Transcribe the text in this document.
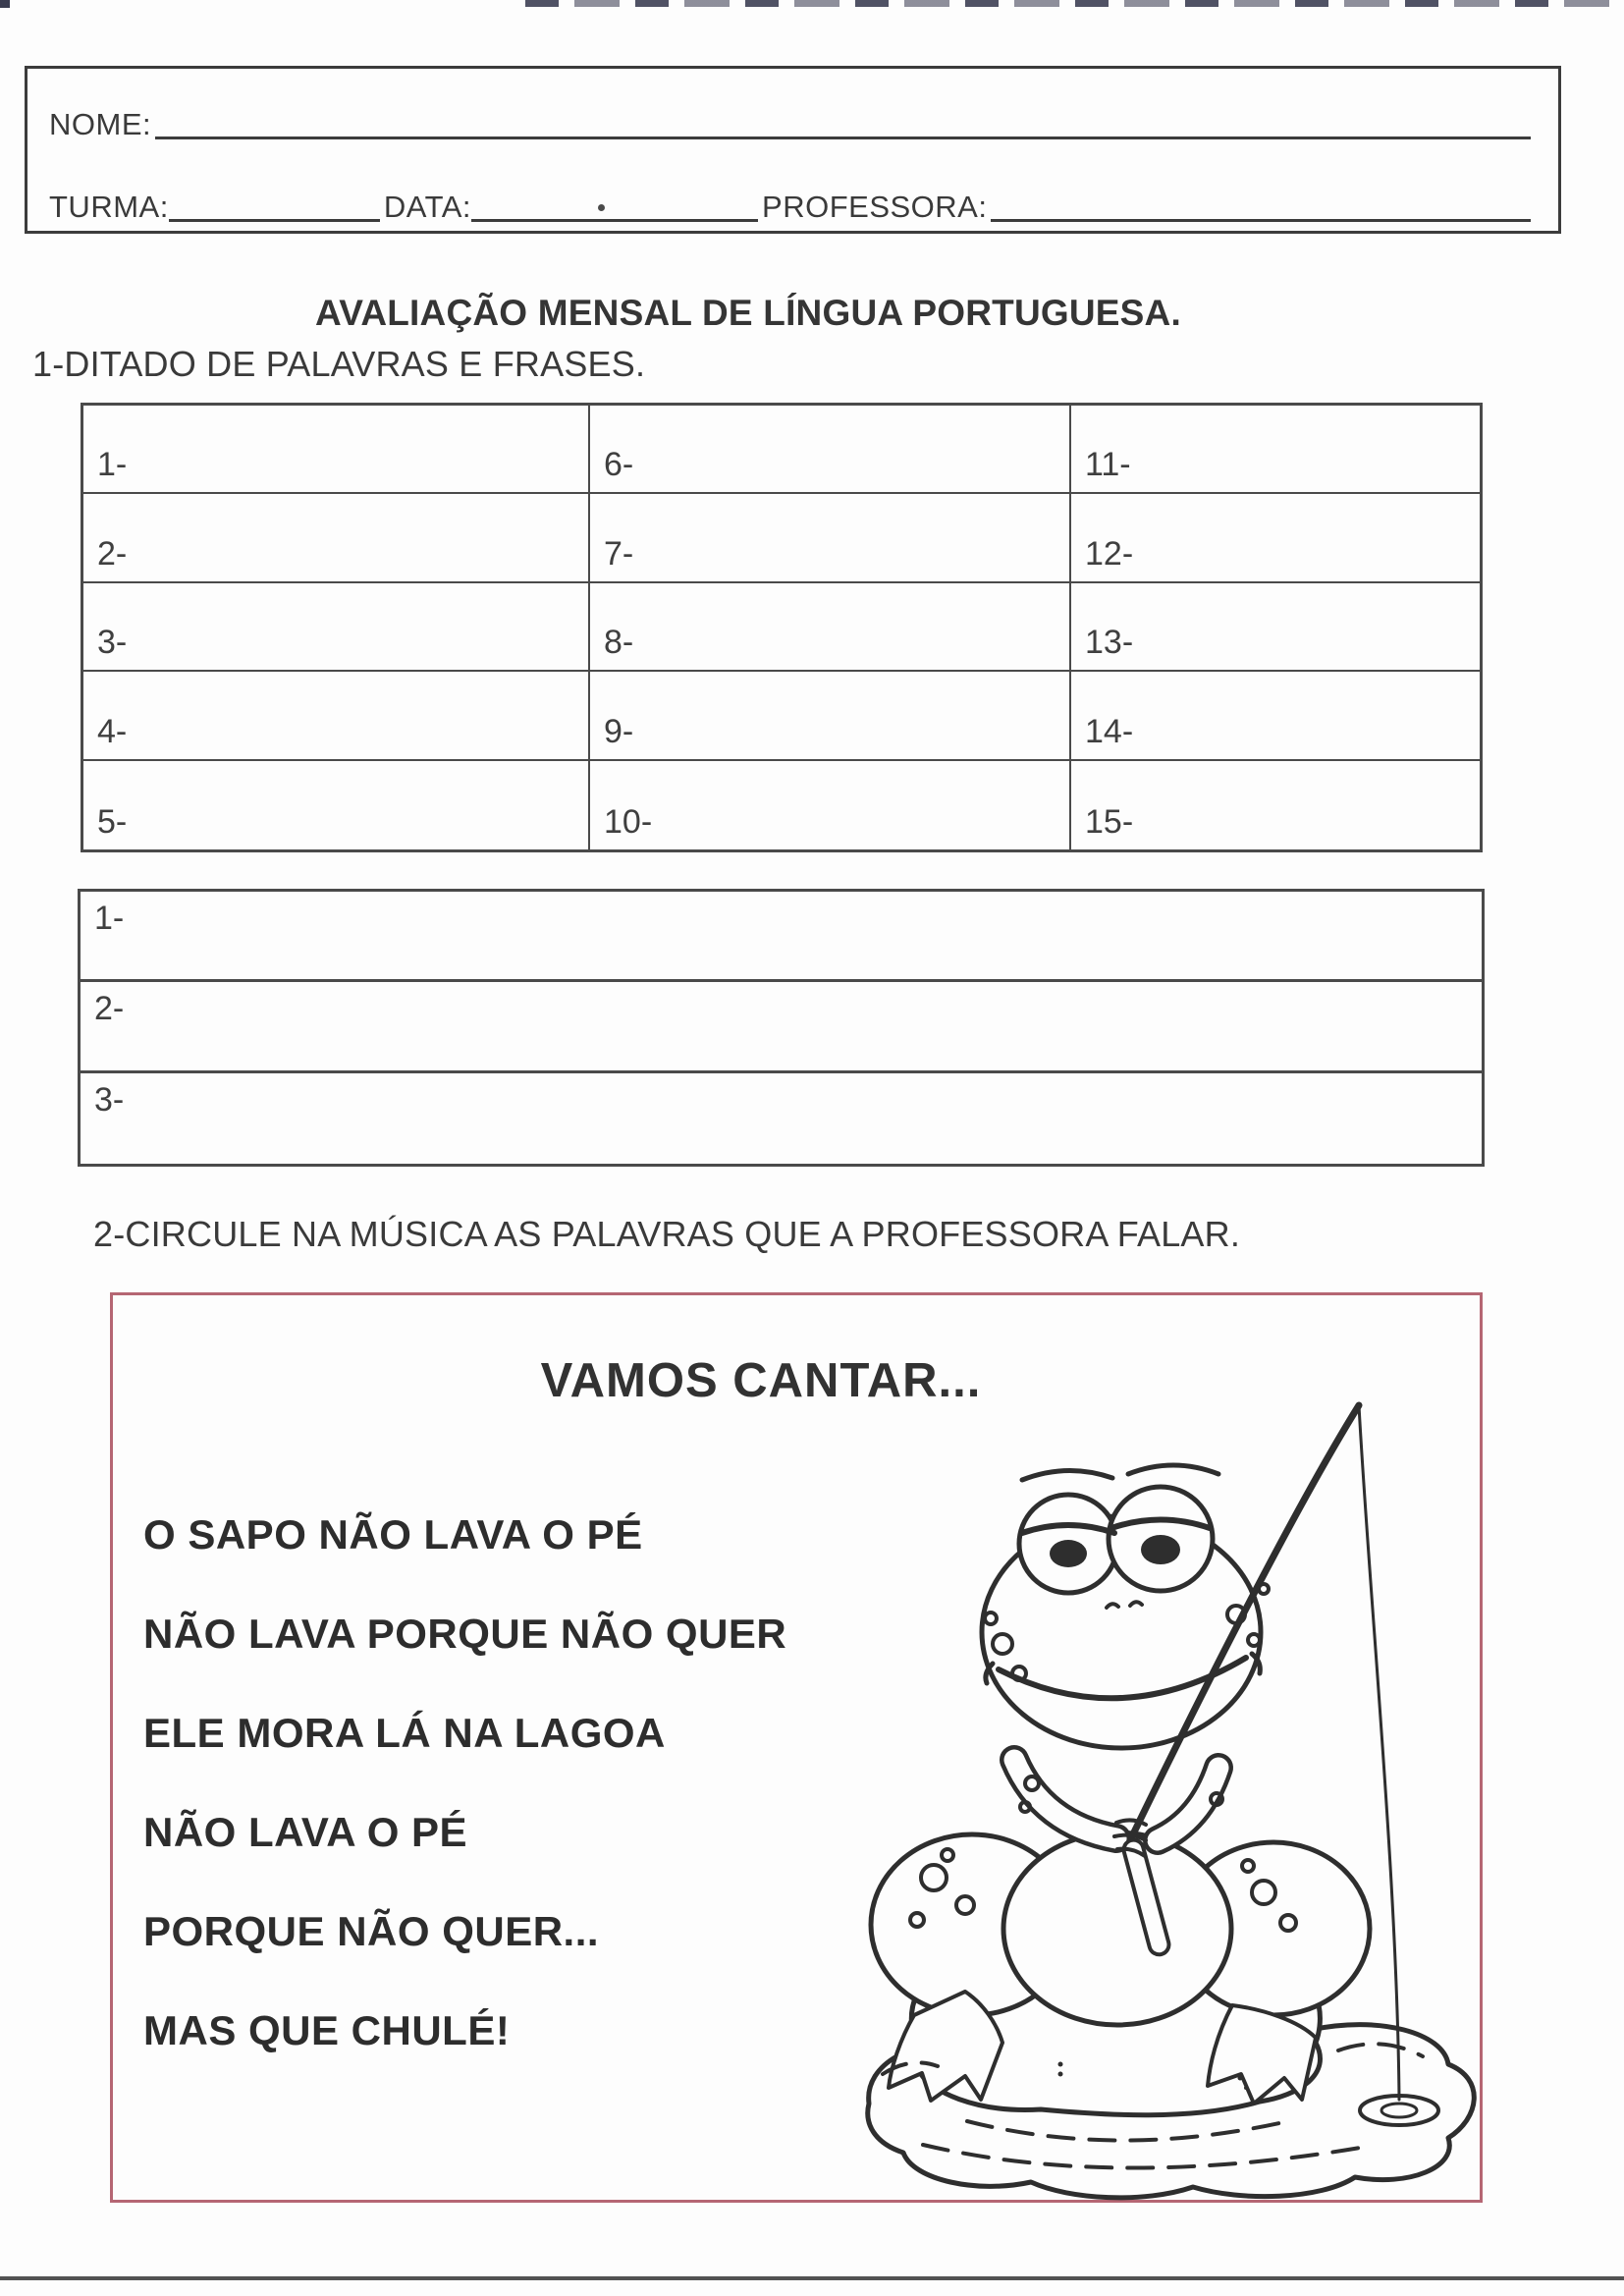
NOME:
TURMA:	DATA:	PROFESSORA:
AVALIAÇÃO MENSAL DE LÍNGUA PORTUGUESA.
1-DITADO DE PALAVRAS E FRASES.
1-	6-	11-
2-	7-	12-
3-	8-	13-
4-	9-	14-
5-	10-	15-
1-
2-
3-
2-CIRCULE NA MÚSICA AS PALAVRAS QUE A PROFESSORA FALAR.
VAMOS CANTAR...
O SAPO NÃO LAVA O PÉ
NÃO LAVA PORQUE NÃO QUER
ELE MORA LÁ NA LAGOA
NÃO LAVA O PÉ
PORQUE NÃO QUER...
MAS QUE CHULÉ!
